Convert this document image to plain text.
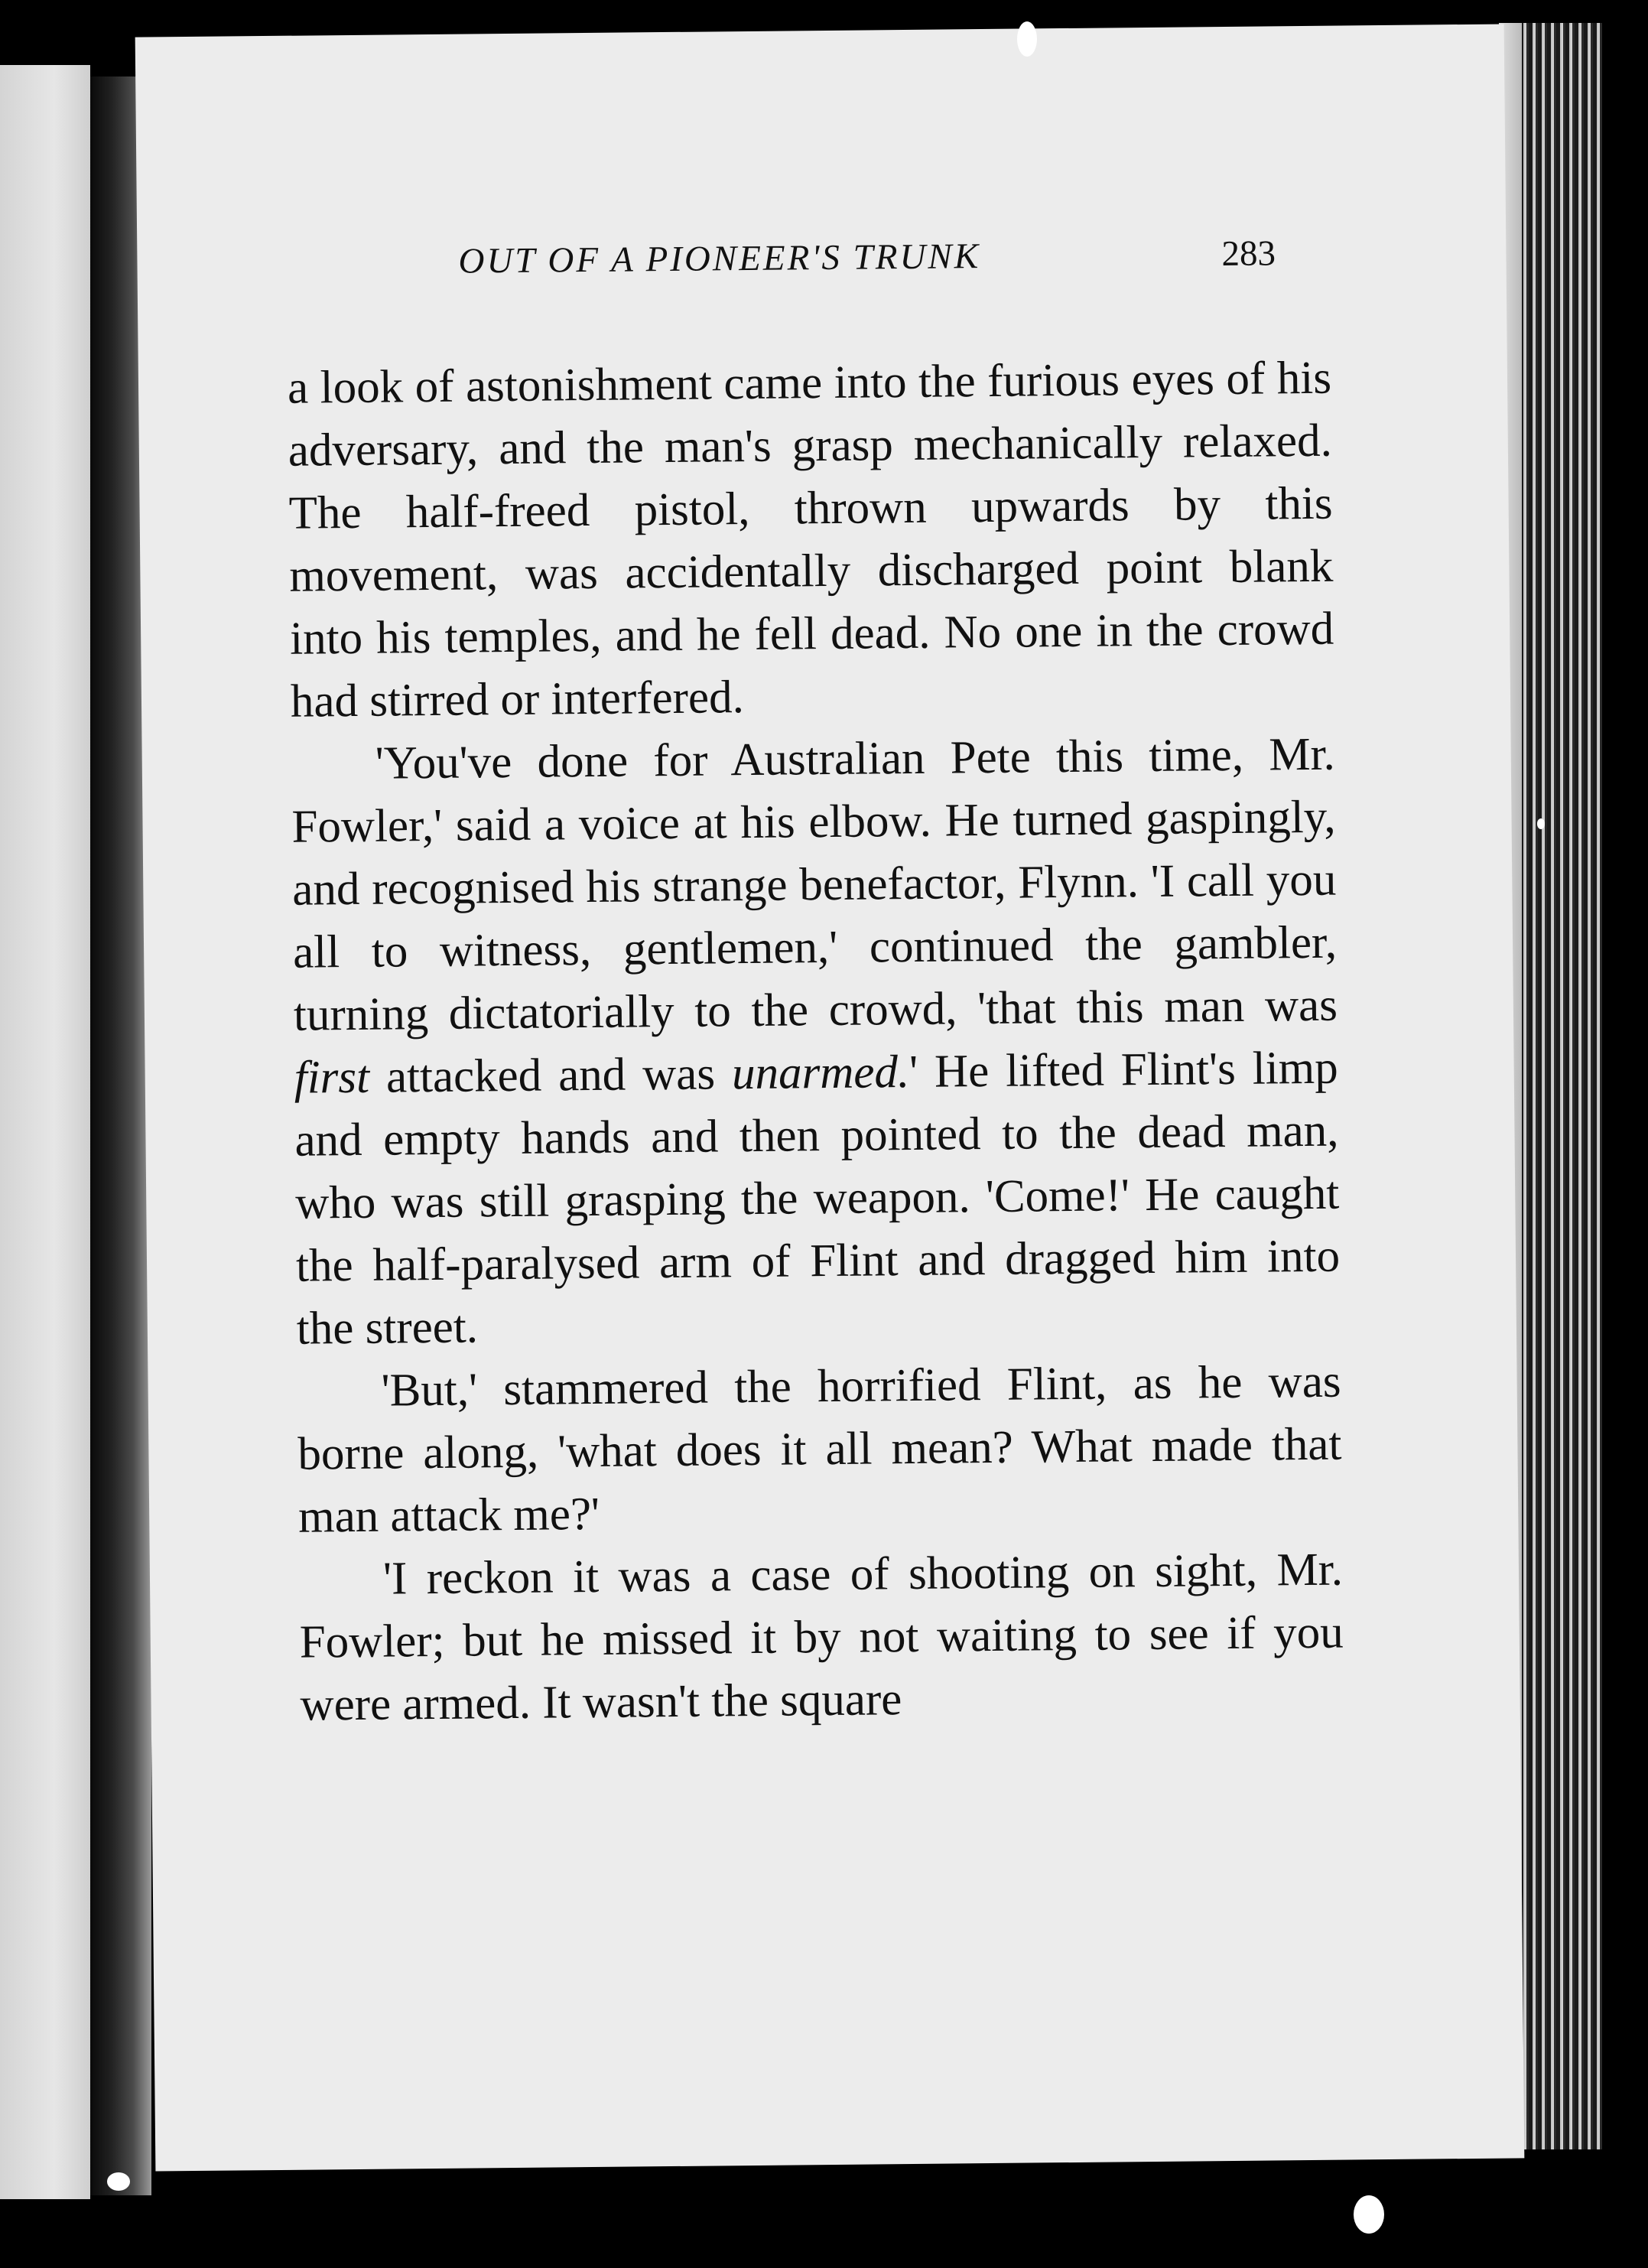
OUT OF A PIONEER'S TRUNK	283

a look of astonishment came into the furious eyes of his adversary, and the man's grasp mechanically relaxed. The half-freed pistol, thrown upwards by this movement, was accidentally discharged point blank into his temples, and he fell dead. No one in the crowd had stirred or interfered.

'You've done for Australian Pete this time, Mr. Fowler,' said a voice at his elbow. He turned gaspingly, and recognised his strange benefactor, Flynn. 'I call you all to witness, gentlemen,' continued the gambler, turning dictatorially to the crowd, 'that this man was first attacked and was unarmed.' He lifted Flint's limp and empty hands and then pointed to the dead man, who was still grasping the weapon. 'Come!' He caught the half-paralysed arm of Flint and dragged him into the street.

'But,' stammered the horrified Flint, as he was borne along, 'what does it all mean? What made that man attack me?'

'I reckon it was a case of shooting on sight, Mr. Fowler; but he missed it by not waiting to see if you were armed. It wasn't the square
